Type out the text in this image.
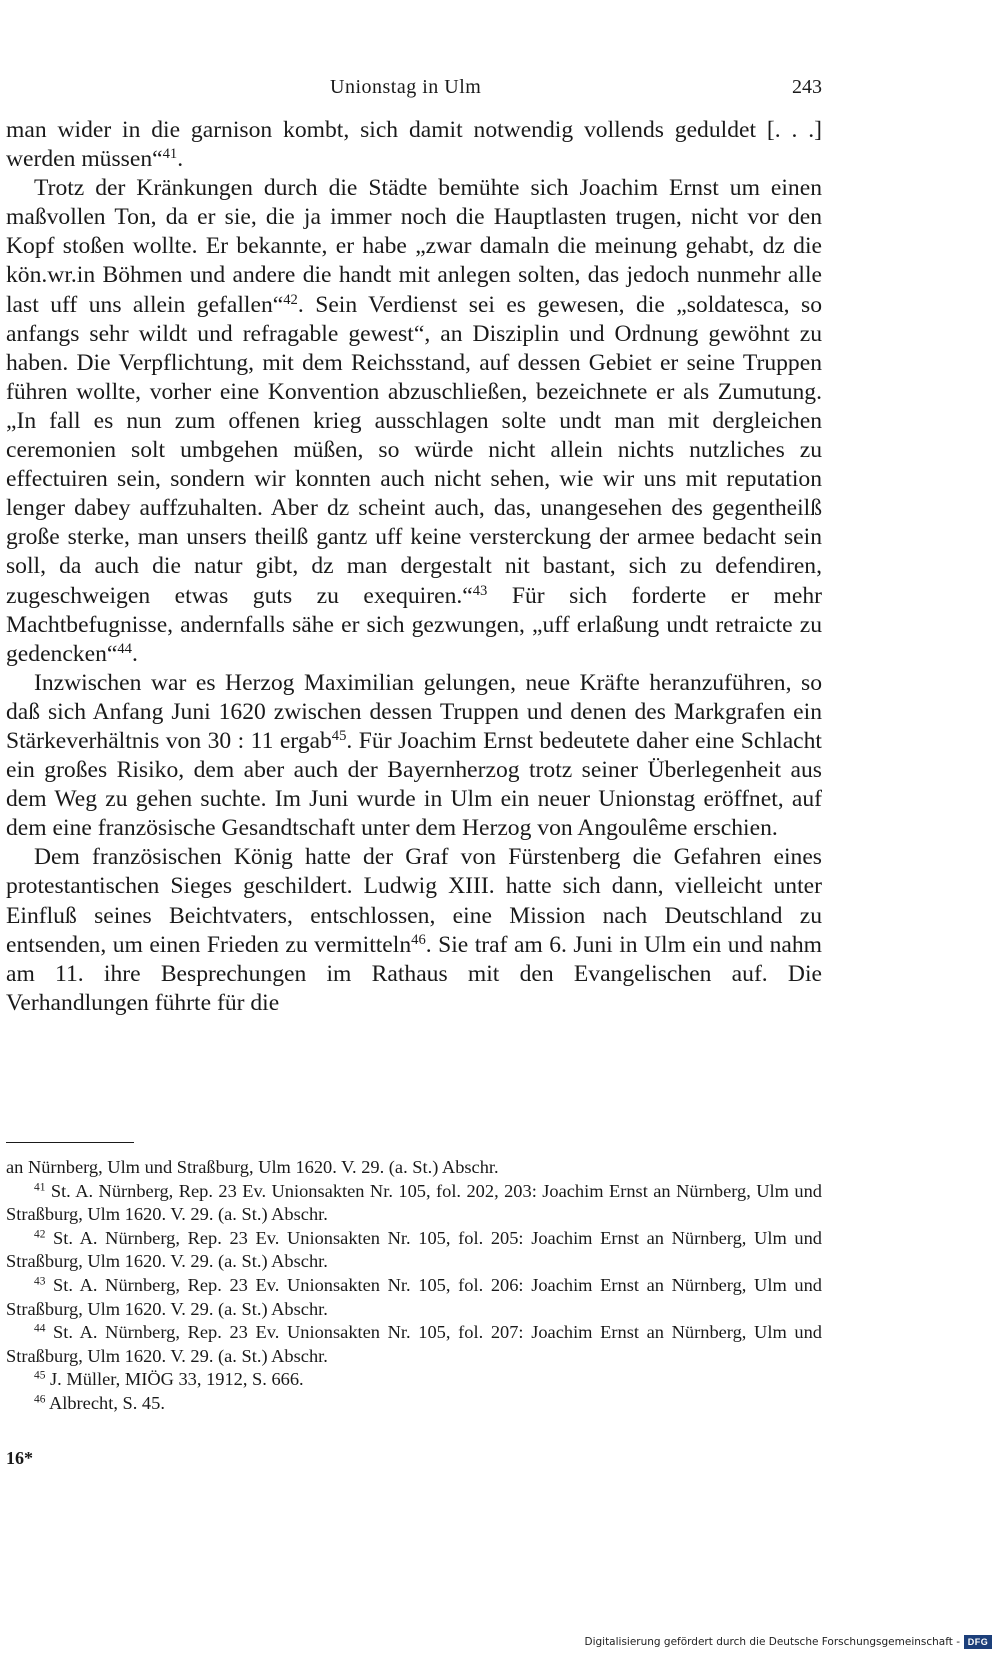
Unionstag in Ulm	243

man wider in die garnison kombt, sich damit notwendig vollends geduldet [. . .] werden müssen“$^{41}$.

Trotz der Kränkungen durch die Städte bemühte sich Joachim Ernst um einen maßvollen Ton, da er sie, die ja immer noch die Hauptlasten trugen, nicht vor den Kopf stoßen wollte. Er bekannte, er habe „zwar damaln die meinung gehabt, dz die kön.wr.in Böhmen und andere die handt mit anlegen solten, das jedoch nunmehr alle last uff uns allein gefallen“$^{42}$. Sein Verdienst sei es gewesen, die „soldatesca, so anfangs sehr wildt und refragable gewest“, an Disziplin und Ordnung gewöhnt zu haben. Die Verpflichtung, mit dem Reichsstand, auf dessen Gebiet er seine Truppen führen wollte, vorher eine Konvention abzuschließen, bezeichnete er als Zumutung. „In fall es nun zum offenen krieg ausschlagen solte undt man mit dergleichen ceremonien solt umbgehen müßen, so würde nicht allein nichts nutzliches zu effectuiren sein, sondern wir konnten auch nicht sehen, wie wir uns mit reputation lenger dabey auffzuhalten. Aber dz scheint auch, das, unangesehen des gegentheilß große sterke, man unsers theilß gantz uff keine versterckung der armee bedacht sein soll, da auch die natur gibt, dz man dergestalt nit bastant, sich zu defendiren, zugeschweigen etwas guts zu exequiren.“$^{43}$ Für sich forderte er mehr Machtbefugnisse, andernfalls sähe er sich gezwungen, „uff erlaßung undt retraicte zu gedencken“$^{44}$.

Inzwischen war es Herzog Maximilian gelungen, neue Kräfte heranzuführen, so daß sich Anfang Juni 1620 zwischen dessen Truppen und denen des Markgrafen ein Stärkeverhältnis von 30 : 11 ergab$^{45}$. Für Joachim Ernst bedeutete daher eine Schlacht ein großes Risiko, dem aber auch der Bayernherzog trotz seiner Überlegenheit aus dem Weg zu gehen suchte. Im Juni wurde in Ulm ein neuer Unionstag eröffnet, auf dem eine französische Gesandtschaft unter dem Herzog von Angoulême erschien.

Dem französischen König hatte der Graf von Fürstenberg die Gefahren eines protestantischen Sieges geschildert. Ludwig XIII. hatte sich dann, vielleicht unter Einfluß seines Beichtvaters, entschlossen, eine Mission nach Deutschland zu entsenden, um einen Frieden zu vermitteln$^{46}$. Sie traf am 6. Juni in Ulm ein und nahm am 11. ihre Besprechungen im Rathaus mit den Evangelischen auf. Die Verhandlungen führte für die

an Nürnberg, Ulm und Straßburg, Ulm 1620. V. 29. (a. St.) Abschr.

$^{41}$ St. A. Nürnberg, Rep. 23 Ev. Unionsakten Nr. 105, fol. 202, 203: Joachim Ernst an Nürnberg, Ulm und Straßburg, Ulm 1620. V. 29. (a. St.) Abschr.

$^{42}$ St. A. Nürnberg, Rep. 23 Ev. Unionsakten Nr. 105, fol. 205: Joachim Ernst an Nürnberg, Ulm und Straßburg, Ulm 1620. V. 29. (a. St.) Abschr.

$^{43}$ St. A. Nürnberg, Rep. 23 Ev. Unionsakten Nr. 105, fol. 206: Joachim Ernst an Nürnberg, Ulm und Straßburg, Ulm 1620. V. 29. (a. St.) Abschr.

$^{44}$ St. A. Nürnberg, Rep. 23 Ev. Unionsakten Nr. 105, fol. 207: Joachim Ernst an Nürnberg, Ulm und Straßburg, Ulm 1620. V. 29. (a. St.) Abschr.

$^{45}$ J. Müller, MIÖG 33, 1912, S. 666.

$^{46}$ Albrecht, S. 45.

16*
Digitalisierung gefördert durch die Deutsche Forschungsgemeinschaft - DFG
